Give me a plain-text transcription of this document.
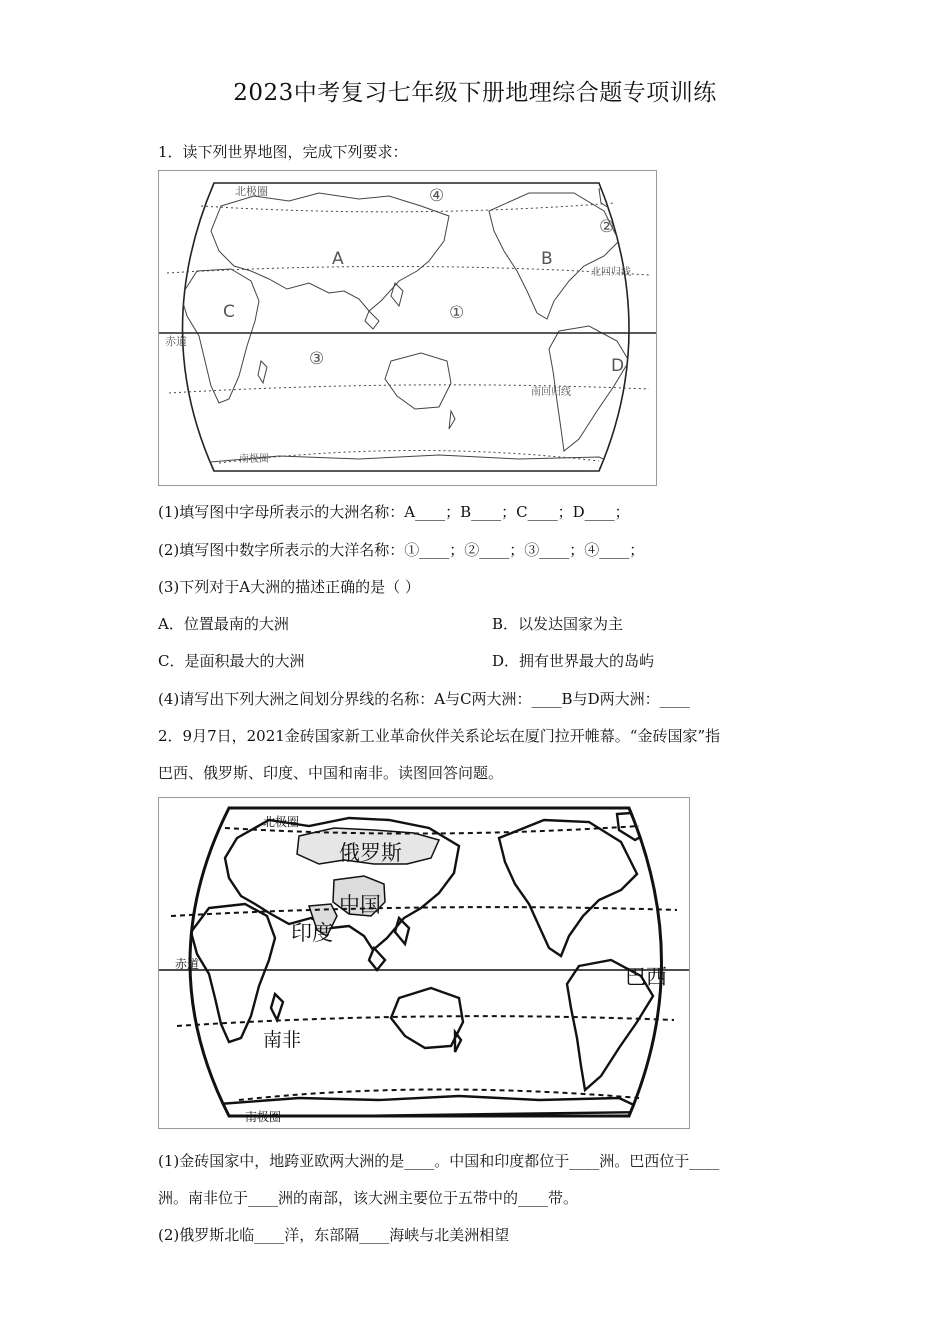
2023中考复习七年级下册地理综合题专项训练
1．读下列世界地图，完成下列要求：
北极圈
北回归线
赤道
南回归线
南极圈
A	B
C
D
①
②
③
④
(1)填写图中字母所表示的大洲名称：A____；B____；C____；D____；
(2)填写图中数字所表示的大洋名称：①____；②____；③____；④____；
(3)下列对于A大洲的描述正确的是（ ）
A．位置最南的大洲	B．以发达国家为主
C．是面积最大的大洲	D．拥有世界最大的岛屿
(4)请写出下列大洲之间划分界线的名称：A与C两大洲：____B与D两大洲：____
2．9月7日，2021金砖国家新工业革命伙伴关系论坛在厦门拉开帷幕。“金砖国家”指
巴西、俄罗斯、印度、中国和南非。读图回答问题。
北极圈
赤道
南极圈
俄罗斯
中国
印度
巴西
南非
(1)金砖国家中，地跨亚欧两大洲的是____。中国和印度都位于____洲。巴西位于____
洲。南非位于____洲的南部，该大洲主要位于五带中的____带。
(2)俄罗斯北临____洋，东部隔____海峡与北美洲相望
